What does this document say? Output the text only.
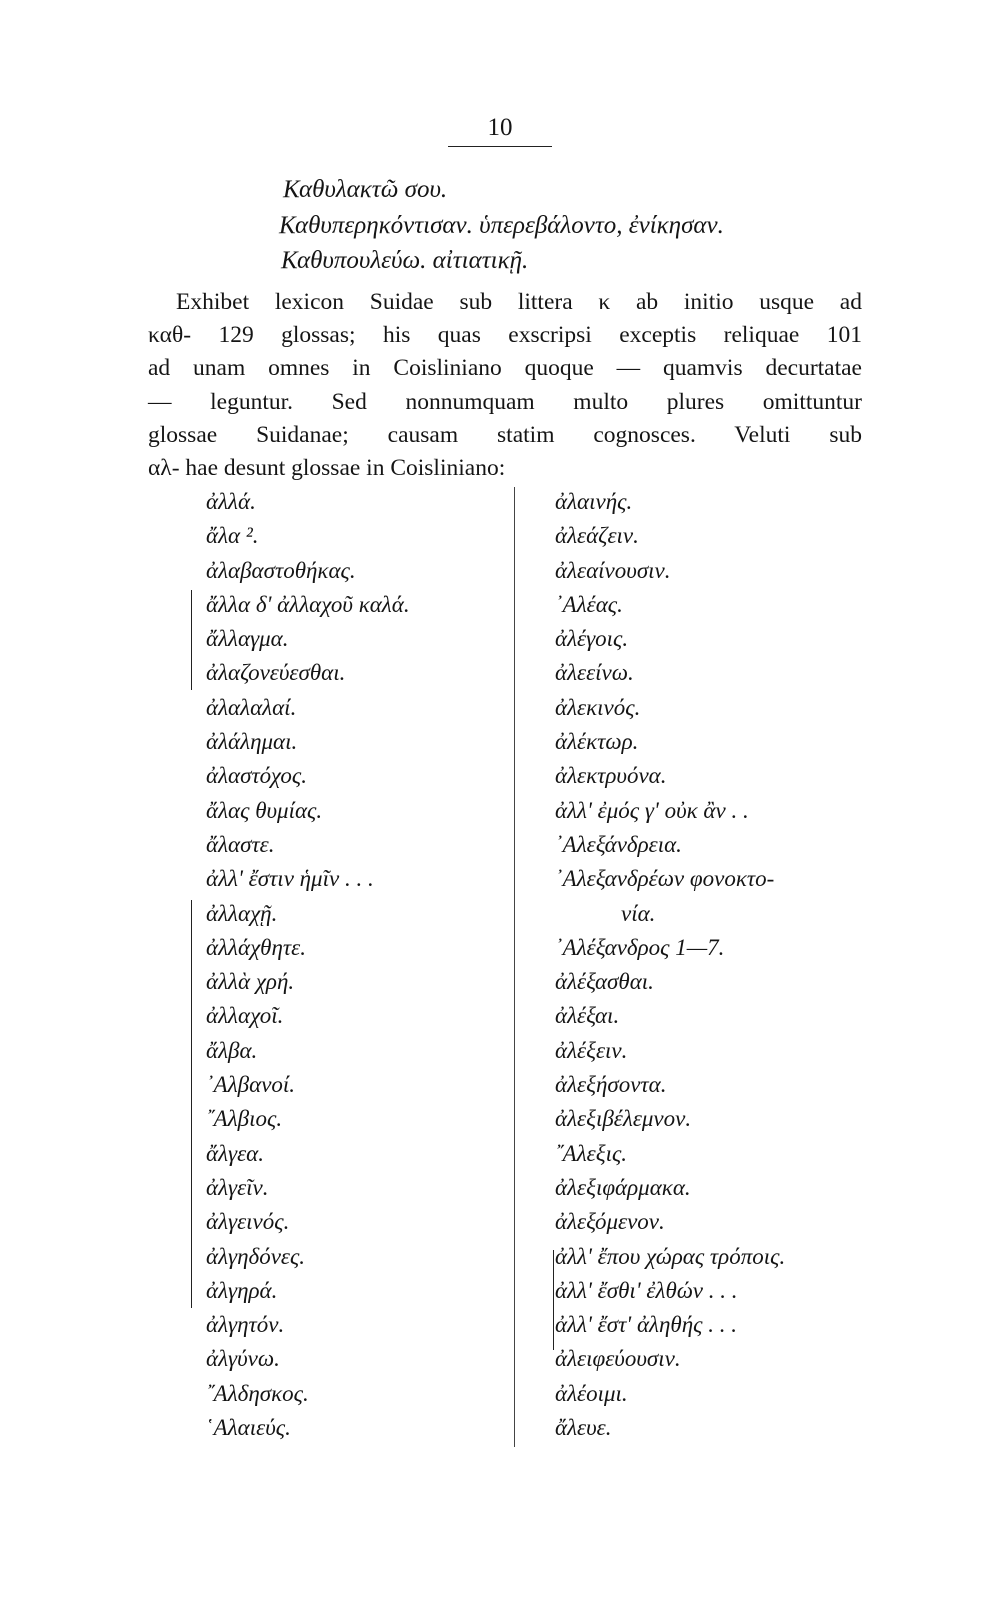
10
Καθυλακτῶ σου.
Καθυπερηκόντισαν. ὑπερεβάλοντο, ἐνίκησαν.
Καθυπουλεύω. αἰτιατικῇ.
Exhibet lexicon Suidae sub littera κ ab initio usque ad
καθ- 129 glossas; his quas exscripsi exceptis reliquae 101
ad unam omnes in Coisliniano quoque — quamvis decurtatae
— leguntur. Sed nonnumquam multo plures omittuntur
glossae Suidanae; causam statim cognosces. Veluti sub
αλ- hae desunt glossae in Coisliniano:
ἀλλά.
ἄλα ².
ἀλαβαστοθήκας.
ἄλλα δ' ἀλλαχοῦ καλά.
ἄλλαγμα.
ἀλαζονεύεσθαι.
ἀλαλαλαί.
ἀλάλημαι.
ἀλαστόχος.
ἄλας θυμίας.
ἄλαστε.
ἀλλ' ἔστιν ἡμῖν . . .
ἀλλαχῇ.
ἀλλάχθητε.
ἀλλὰ χρή.
ἀλλαχοῖ.
ἄλβα.
᾿Αλβανοί.
῎Αλβιος.
ἄλγεα.
ἀλγεῖν.
ἀλγεινός.
ἀλγηδόνες.
ἀλγηρά.
ἀλγητόν.
ἀλγύνω.
῎Αλδησκος.
῾Αλαιεύς.
ἀλαινής.
ἀλεάζειν.
ἀλεαίνουσιν.
᾿Αλέας.
ἀλέγοις.
ἀλεείνω.
ἀλεκινός.
ἀλέκτωρ.
ἀλεκτρυόνα.
ἀλλ' ἐμός γ' οὐκ ἂν . .
᾿Αλεξάνδρεια.
᾿Αλεξανδρέων φονοκτο-
νία.
᾿Αλέξανδρος 1—7.
ἀλέξασθαι.
ἀλέξαι.
ἀλέξειν.
ἀλεξήσοντα.
ἀλεξιβέλεμνον.
῎Αλεξις.
ἀλεξιφάρμακα.
ἀλεξόμενον.
ἀλλ' ἔπου χώρας τρόποις.
ἀλλ' ἔσθι' ἐλθών . . .
ἀλλ' ἔστ' ἀληθής . . .
ἀλειφεύουσιν.
ἀλέοιμι.
ἄλευε.
